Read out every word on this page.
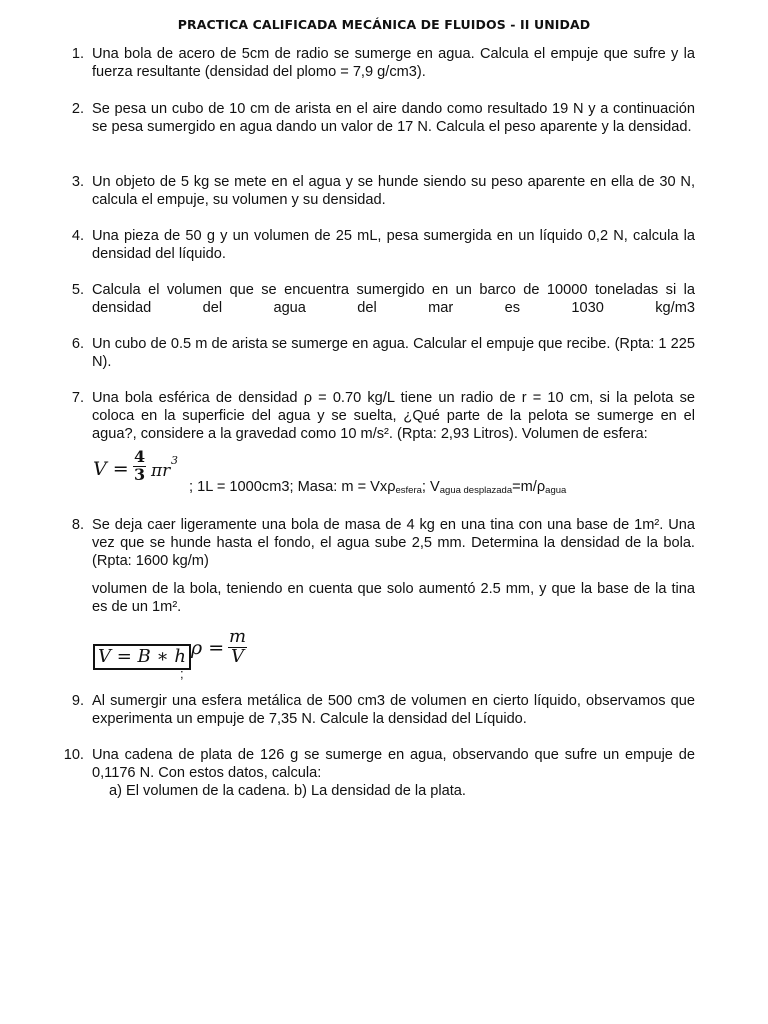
PRACTICA CALIFICADA MECÁNICA DE FLUIDOS - II UNIDAD
1. Una bola de acero de 5cm de radio se sumerge en agua. Calcula el empuje que sufre y la fuerza resultante (densidad del plomo = 7,9 g/cm3).
2. Se pesa un cubo de 10 cm de arista en el aire dando como resultado 19 N y a continuación se pesa sumergido en agua dando un valor de 17 N. Calcula el peso aparente y la densidad.
3. Un objeto de 5 kg se mete en el agua y se hunde siendo su peso aparente en ella de 30 N, calcula el empuje, su volumen y su densidad.
4. Una pieza de 50 g y un volumen de 25 mL, pesa sumergida en un líquido 0,2 N, calcula la densidad del líquido.
5. Calcula el volumen que se encuentra sumergido en un barco de 10000 toneladas si la densidad del agua del mar es 1030 kg/m3
6. Un cubo de 0.5 m de arista se sumerge en agua. Calcular el empuje que recibe. (Rpta: 1 225 N).
7. Una bola esférica de densidad ρ = 0.70 kg/L tiene un radio de r = 10 cm, si la pelota se coloca en la superficie del agua y se suelta, ¿Qué parte de la pelota se sumerge en el agua?, considere a la gravedad como 10 m/s². (Rpta: 2,93 Litros). Volumen de esfera:
$V = \frac{4}{3}$ πr
3
; 1L = 1000cm3; Masa: m = Vxρ$_{esfera}$; $V_{agua desplazada}=m/\rho_{agua}$
8. Se deja caer ligeramente una bola de masa de 4 kg en una tina con una base de 1m². Una vez que se hunde hasta el fondo, el agua sube 2,5 mm. Determina la densidad de la bola. (Rpta: 1600 kg/m)
volumen de la bola, teniendo en cuenta que solo aumentó 2.5 mm, y que la base de la tina es de un 1m².
V = B ∗ h $\rho = \frac{m}{V}$
;
9. Al sumergir una esfera metálica de 500 cm3 de volumen en cierto líquido, observamos que experimenta un empuje de 7,35 N. Calcule la densidad del Líquido.
10. Una cadena de plata de 126 g se sumerge en agua, observando que sufre un empuje de 0,1176 N. Con estos datos, calcula:
a) El volumen de la cadena. b) La densidad de la plata.
